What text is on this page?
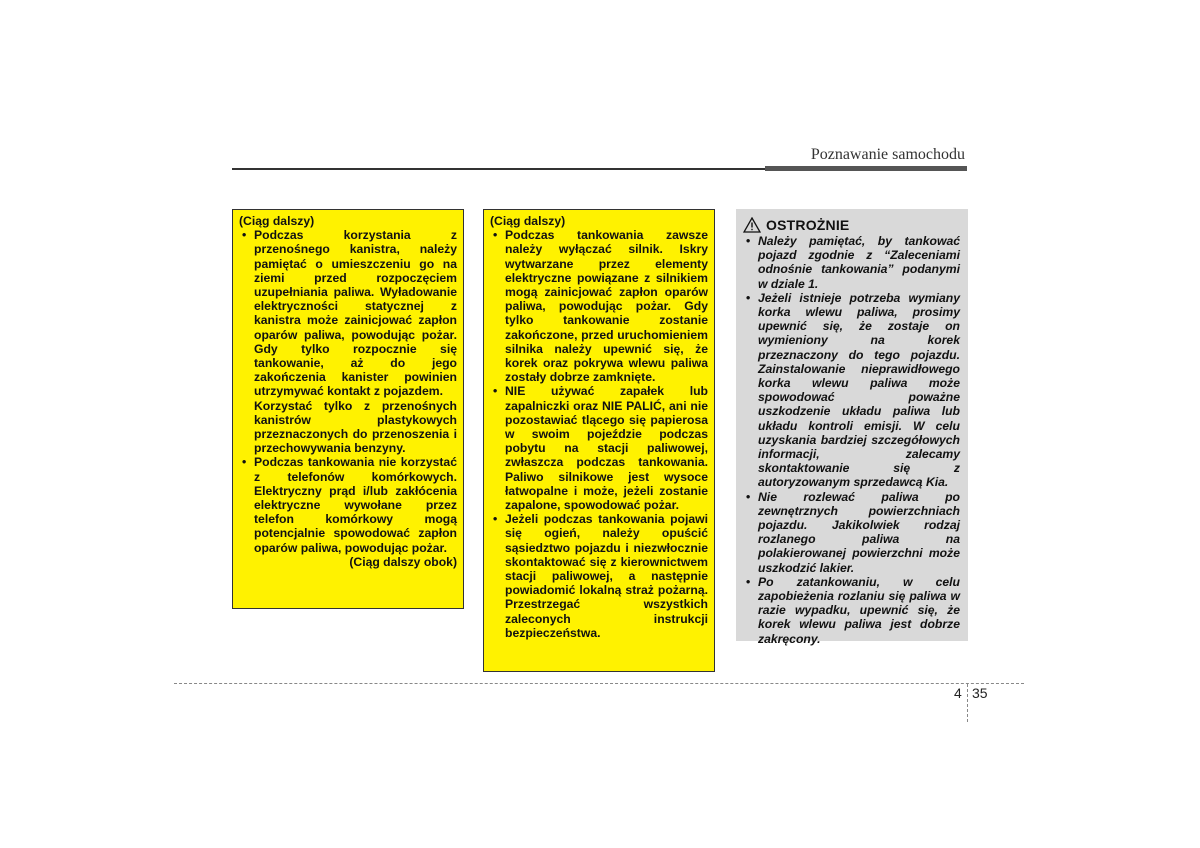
Poznawanie samochodu

(Ciąg dalszy)

• Podczas korzystania z przenośnego kanistra, należy pamiętać o umieszczeniu go na ziemi przed rozpoczęciem uzupełniania paliwa. Wyładowanie elektryczności statycznej z kanistra może zainicjować zapłon oparów paliwa, powodując pożar. Gdy tylko rozpocznie się tankowanie, aż do jego zakończenia kanister powinien utrzymywać kontakt z pojazdem.

Korzystać tylko z przenośnych kanistrów plastykowych przeznaczonych do przenoszenia i przechowywania benzyny.

• Podczas tankowania nie korzystać z telefonów komórkowych. Elektryczny prąd i/lub zakłócenia elektryczne wywołane przez telefon komórkowy mogą potencjalnie spowodować zapłon oparów paliwa, powodując pożar.

(Ciąg dalszy obok)

(Ciąg dalszy)

• Podczas tankowania zawsze należy wyłączać silnik. Iskry wytwarzane przez elementy elektryczne powiązane z silnikiem mogą zainicjować zapłon oparów paliwa, powodując pożar. Gdy tylko tankowanie zostanie zakończone, przed uruchomieniem silnika należy upewnić się, że korek oraz pokrywa wlewu paliwa zostały dobrze zamknięte.
• NIE używać zapałek lub zapalniczki oraz NIE PALIĆ, ani nie pozostawiać tlącego się papierosa w swoim pojeździe podczas pobytu na stacji paliwowej, zwłaszcza podczas tankowania. Paliwo silnikowe jest wysoce łatwopalne i może, jeżeli zostanie zapalone, spowodować pożar.
• Jeżeli podczas tankowania pojawi się ogień, należy opuścić sąsiedztwo pojazdu i niezwłocznie skontaktować się z kierownictwem stacji paliwowej, a następnie powiadomić lokalną straż pożarną. Przestrzegać wszystkich zaleconych instrukcji bezpieczeństwa.
OSTROŻNIE
• Należy pamiętać, by tankować pojazd zgodnie z “Zaleceniami odnośnie tankowania” podanymi w dziale 1.
• Jeżeli istnieje potrzeba wymiany korka wlewu paliwa, prosimy upewnić się, że zostaje on wymieniony na korek przeznaczony do tego pojazdu. Zainstalowanie nieprawidłowego korka wlewu paliwa może spowodować poważne uszkodzenie układu paliwa lub układu kontroli emisji. W celu uzyskania bardziej szczegółowych informacji, zalecamy skontaktowanie się z autoryzowanym sprzedawcą Kia.
• Nie rozlewać paliwa po zewnętrznych powierzchniach pojazdu. Jakikolwiek rodzaj rozlanego paliwa na polakierowanej powierzchni może uszkodzić lakier.
• Po zatankowaniu, w celu zapobieżenia rozlaniu się paliwa w razie wypadku, upewnić się, że korek wlewu paliwa jest dobrze zakręcony.
4 35
